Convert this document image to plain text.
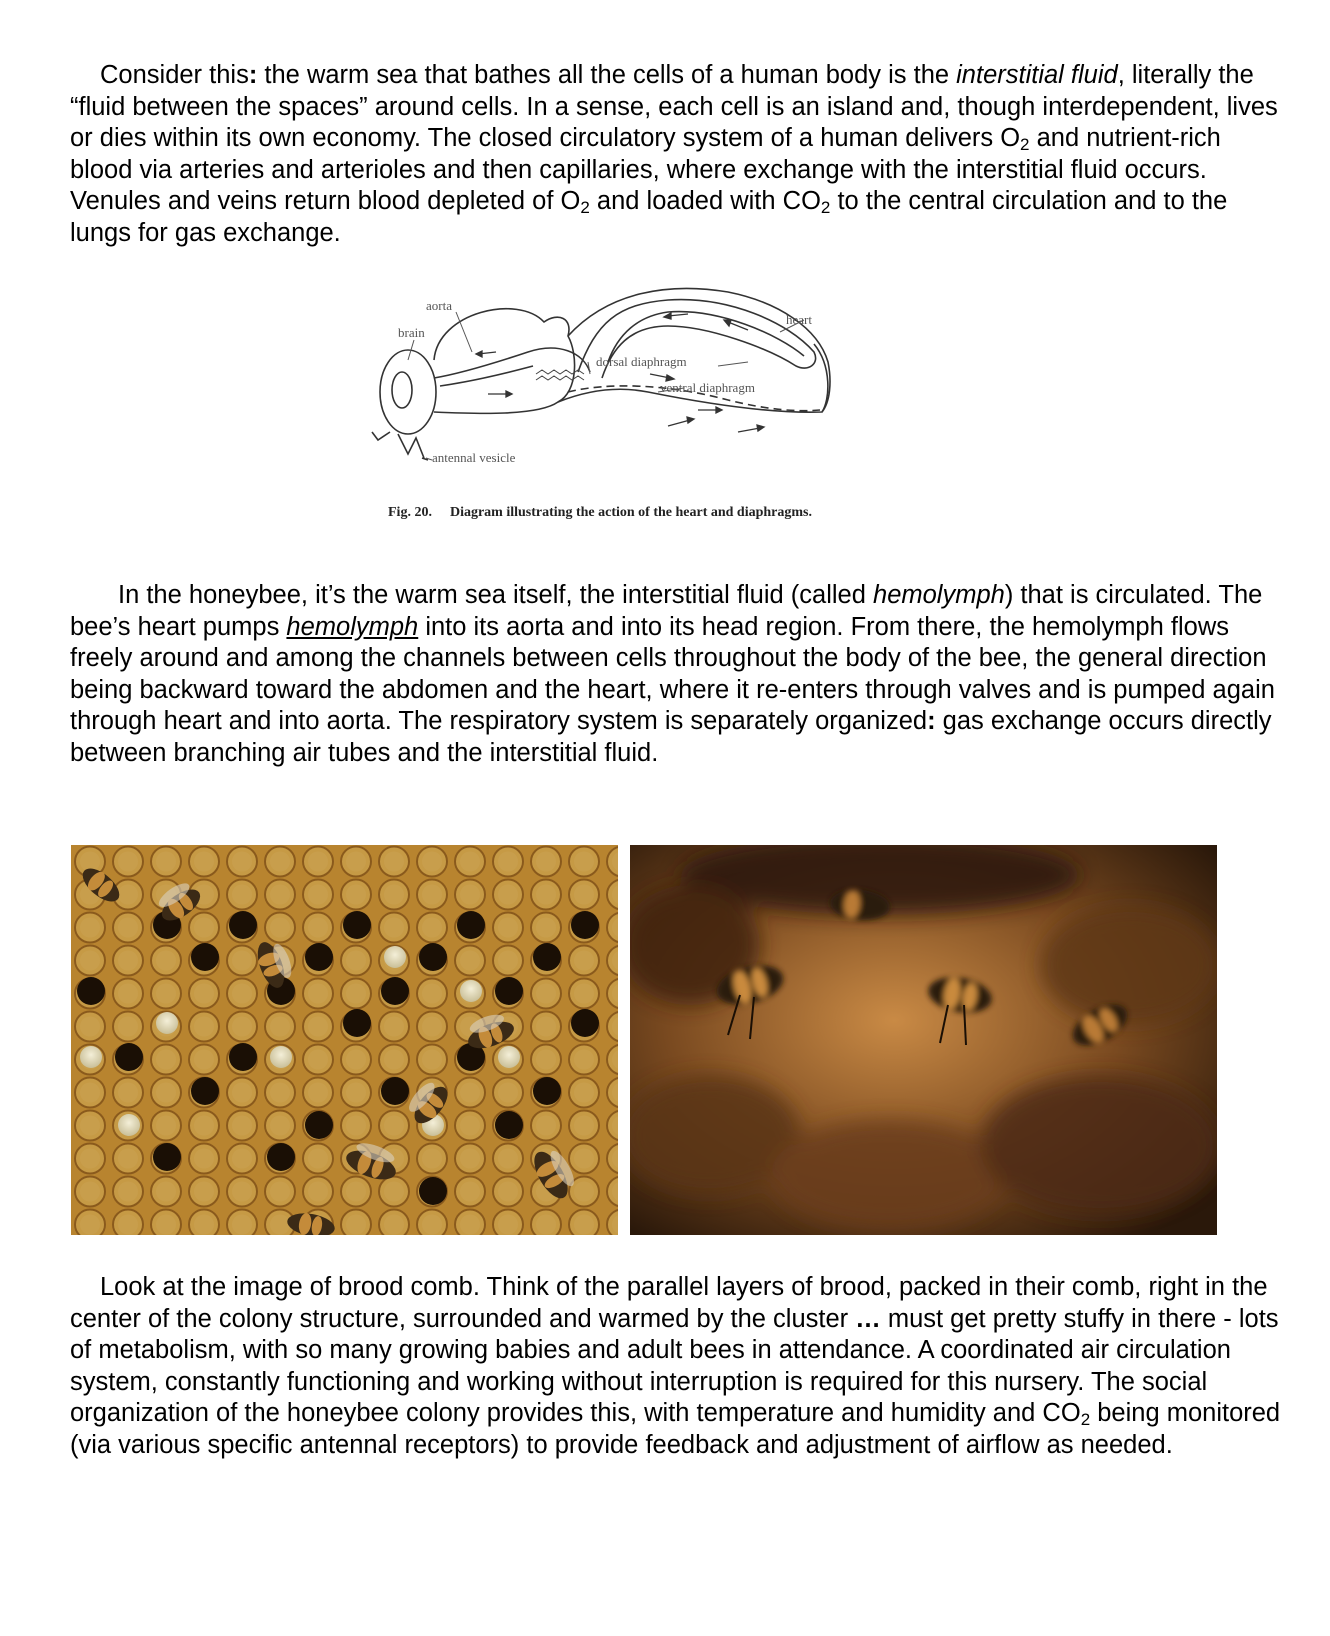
Consider this: the warm sea that bathes all the cells of a human body is the interstitial fluid, literally the “fluid between the spaces” around cells. In a sense, each cell is an island and, though interdependent, lives or dies within its own economy. The closed circulatory system of a human delivers $O_2$ and nutrient-rich blood via arteries and arterioles and then capillaries, where exchange with the interstitial fluid occurs. Venules and veins return blood depleted of $O_2$ and loaded with $CO_2$ to the central circulation and to the lungs for gas exchange.

aorta
brain
heart
dorsal diaphragm
ventral diaphragm
antennal vesicle
Fig. 20. Diagram illustrating the action of the heart and diaphragms.

In the honeybee, it’s the warm sea itself, the interstitial fluid (called hemolymph) that is circulated. The bee’s heart pumps hemolymph into its aorta and into its head region. From there, the hemolymph flows freely around and among the channels between cells throughout the body of the bee, the general direction being backward toward the abdomen and the heart, where it re-enters through valves and is pumped again through heart and into aorta. The respiratory system is separately organized: gas exchange occurs directly between branching air tubes and the interstitial fluid.

Look at the image of brood comb. Think of the parallel layers of brood, packed in their comb, right in the center of the colony structure, surrounded and warmed by the cluster … must get pretty stuffy in there - lots of metabolism, with so many growing babies and adult bees in attendance. A coordinated air circulation system, constantly functioning and working without interruption is required for this nursery. The social organization of the honeybee colony provides this, with temperature and humidity and $CO_2$ being monitored (via various specific antennal receptors) to provide feedback and adjustment of airflow as needed.
